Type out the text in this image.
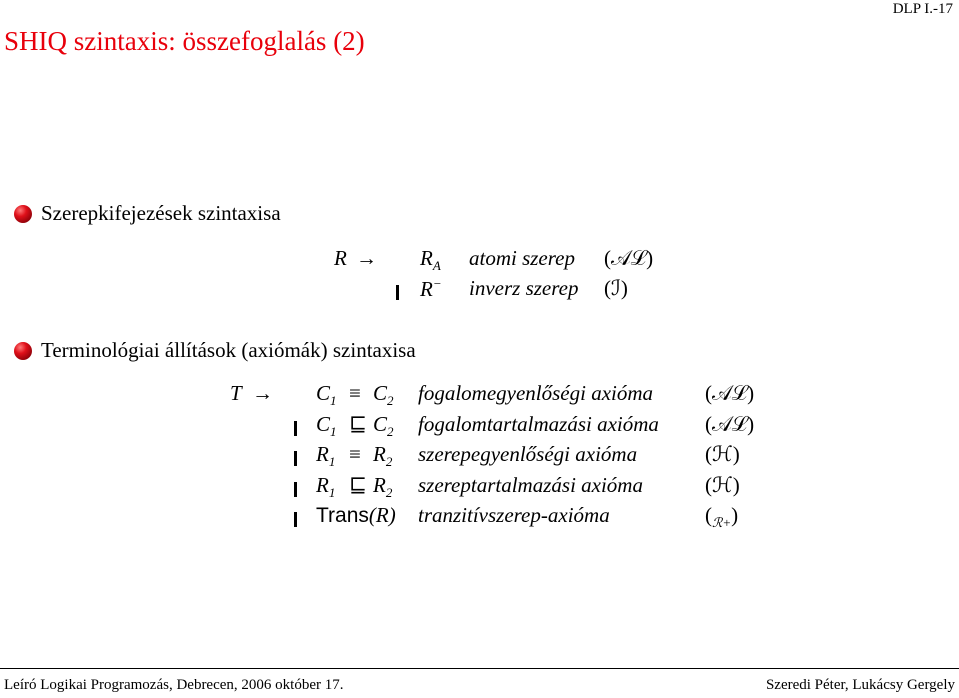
SHIQ szintaxis: összefoglalás (2)
DLP I.-17
Szerepkifejezések szintaxisa
$R \to R_A$ atomi szerep (𝒜ℒ)
R− inverz szerep (ℐ)
Terminológiai állítások (axiómák) szintaxisa
$T \to C_1 \equiv C_2$ fogalomegyenlőségi axióma (𝒜ℒ)
$C_1$ ⊑ $C_2$ fogalomtartalmazási axióma (𝒜ℒ)
$R_1 \equiv R_2$ szerepegyenlőségi axióma	(ℋ)
$R_1$ ⊑ $R_2$ szereptartalmazási axióma	(ℋ)
Trans(R) tranzitívszerep-axióma	$(_{ℛ+})$
Leíró Logikai Programozás, Debrecen, 2006 október 17.	Szeredi Péter, Lukácsy Gergely
